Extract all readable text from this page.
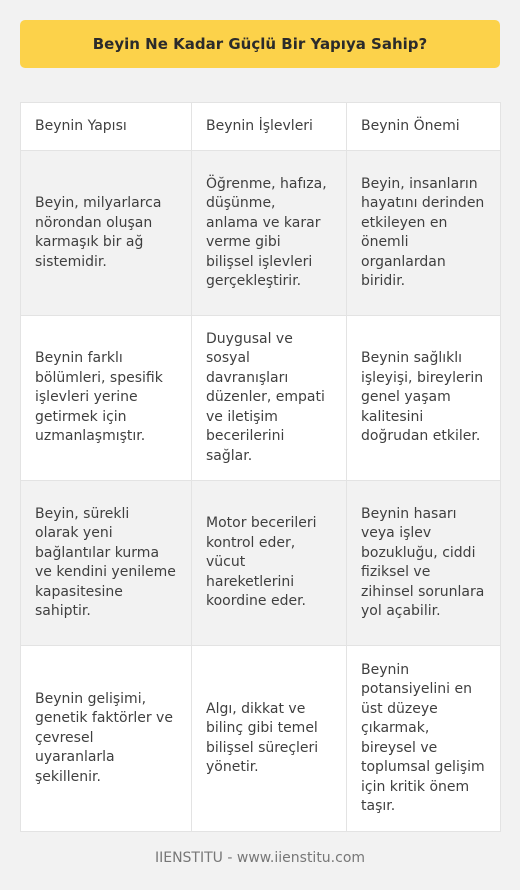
Beyin Ne Kadar Güçlü Bir Yapıya Sahip?
Beynin Yapısı	Beynin İşlevleri	Beynin Önemi
Beyin, milyarlarca nörondan oluşan karmaşık bir ağ sistemidir.	Öğrenme, hafıza, düşünme, anlama ve karar verme gibi bilişsel işlevleri gerçekleştirir.	Beyin, insanların hayatını derinden etkileyen en önemli organlardan biridir.
Beynin farklı bölümleri, spesifik işlevleri yerine getirmek için uzmanlaşmıştır.	Duygusal ve sosyal davranışları düzenler, empati ve iletişim becerilerini sağlar.	Beynin sağlıklı işleyişi, bireylerin genel yaşam kalitesini doğrudan etkiler.
Beyin, sürekli olarak yeni bağlantılar kurma ve kendini yenileme kapasitesine sahiptir.	Motor becerileri kontrol eder, vücut hareketlerini koordine eder.	Beynin hasarı veya işlev bozukluğu, ciddi fiziksel ve zihinsel sorunlara yol açabilir.
Beynin gelişimi, genetik faktörler ve çevresel uyaranlarla şekillenir.	Algı, dikkat ve bilinç gibi temel bilişsel süreçleri yönetir.	Beynin potansiyelini en üst düzeye çıkarmak, bireysel ve toplumsal gelişim için kritik önem taşır.
IIENSTITU - www.iienstitu.com
